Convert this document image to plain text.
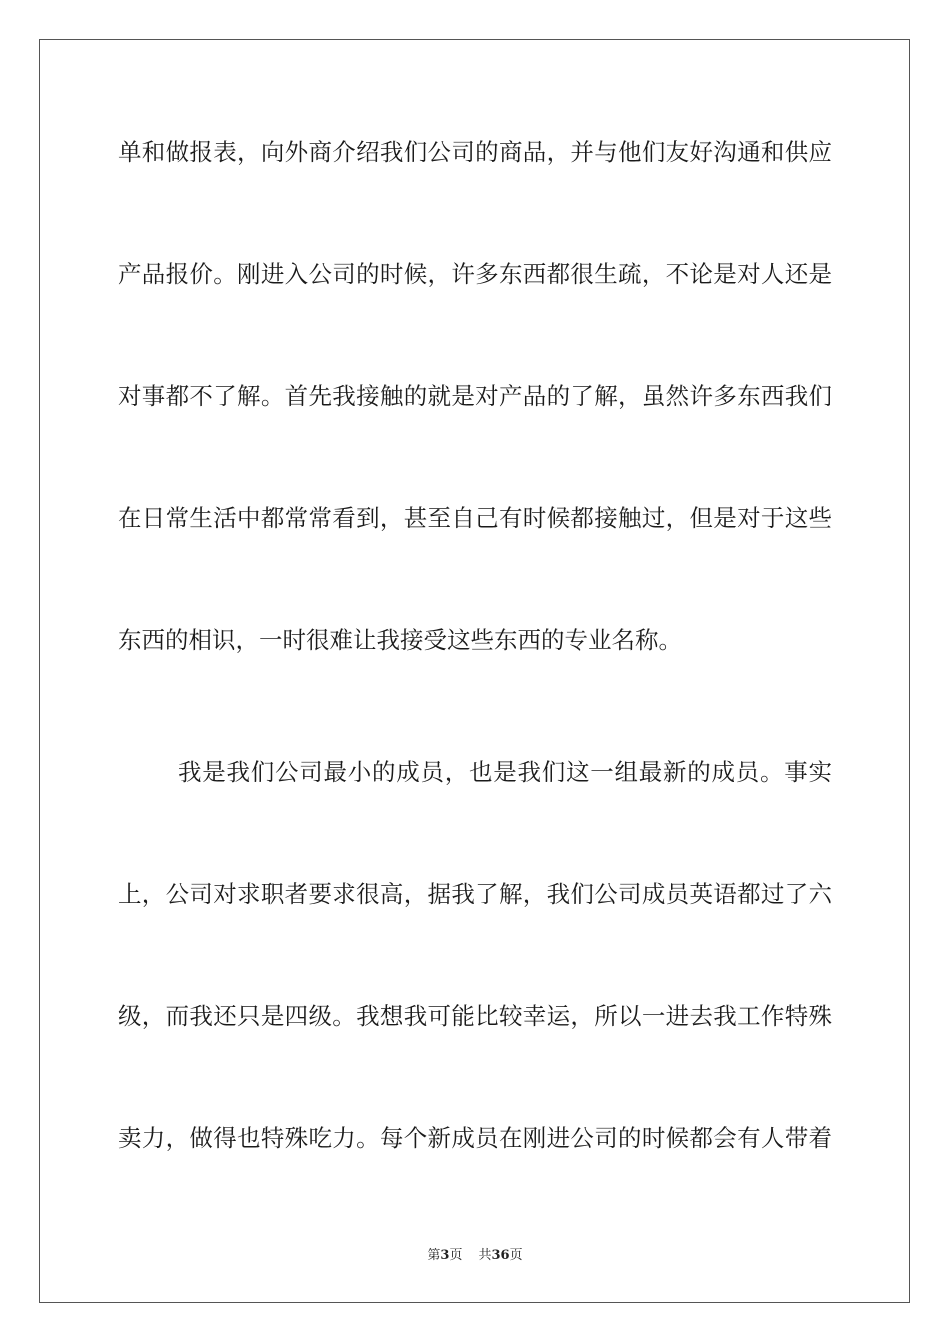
单和做报表，向外商介绍我们公司的商品，并与他们友好沟通和供应
产品报价。刚进入公司的时候，许多东西都很生疏，不论是对人还是
对事都不了解。首先我接触的就是对产品的了解，虽然许多东西我们
在日常生活中都常常看到，甚至自己有时候都接触过，但是对于这些
东西的相识，一时很难让我接受这些东西的专业名称。
我是我们公司最小的成员，也是我们这一组最新的成员。事实
上，公司对求职者要求很高，据我了解，我们公司成员英语都过了六
级，而我还只是四级。我想我可能比较幸运，所以一进去我工作特殊
卖力，做得也特殊吃力。每个新成员在刚进公司的时候都会有人带着
第3页 共36页
